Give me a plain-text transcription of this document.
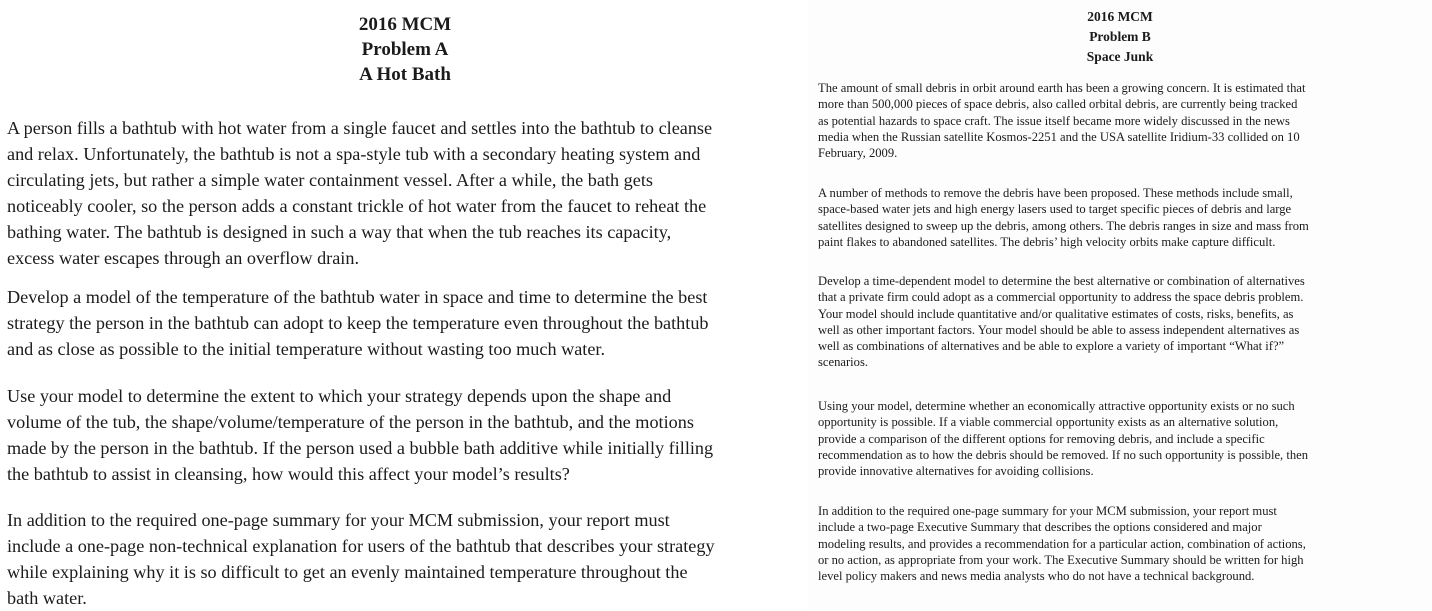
2016 MCM
Problem A
A Hot Bath

A person fills a bathtub with hot water from a single faucet and settles into the bathtub to cleanse
and relax. Unfortunately, the bathtub is not a spa-style tub with a secondary heating system and
circulating jets, but rather a simple water containment vessel. After a while, the bath gets
noticeably cooler, so the person adds a constant trickle of hot water from the faucet to reheat the
bathing water. The bathtub is designed in such a way that when the tub reaches its capacity,
excess water escapes through an overflow drain.

Develop a model of the temperature of the bathtub water in space and time to determine the best
strategy the person in the bathtub can adopt to keep the temperature even throughout the bathtub
and as close as possible to the initial temperature without wasting too much water.

Use your model to determine the extent to which your strategy depends upon the shape and
volume of the tub, the shape/volume/temperature of the person in the bathtub, and the motions
made by the person in the bathtub. If the person used a bubble bath additive while initially filling
the bathtub to assist in cleansing, how would this affect your model’s results?

In addition to the required one-page summary for your MCM submission, your report must
include a one-page non-technical explanation for users of the bathtub that describes your strategy
while explaining why it is so difficult to get an evenly maintained temperature throughout the
bath water.

2016 MCM
Problem B
Space Junk

The amount of small debris in orbit around earth has been a growing concern. It is estimated that
more than 500,000 pieces of space debris, also called orbital debris, are currently being tracked
as potential hazards to space craft. The issue itself became more widely discussed in the news
media when the Russian satellite Kosmos-2251 and the USA satellite Iridium-33 collided on 10
February, 2009.

A number of methods to remove the debris have been proposed. These methods include small,
space-based water jets and high energy lasers used to target specific pieces of debris and large
satellites designed to sweep up the debris, among others. The debris ranges in size and mass from
paint flakes to abandoned satellites. The debris’ high velocity orbits make capture difficult.

Develop a time-dependent model to determine the best alternative or combination of alternatives
that a private firm could adopt as a commercial opportunity to address the space debris problem.
Your model should include quantitative and/or qualitative estimates of costs, risks, benefits, as
well as other important factors. Your model should be able to assess independent alternatives as
well as combinations of alternatives and be able to explore a variety of important “What if?”
scenarios.

Using your model, determine whether an economically attractive opportunity exists or no such
opportunity is possible. If a viable commercial opportunity exists as an alternative solution,
provide a comparison of the different options for removing debris, and include a specific
recommendation as to how the debris should be removed. If no such opportunity is possible, then
provide innovative alternatives for avoiding collisions.

In addition to the required one-page summary for your MCM submission, your report must
include a two-page Executive Summary that describes the options considered and major
modeling results, and provides a recommendation for a particular action, combination of actions,
or no action, as appropriate from your work. The Executive Summary should be written for high
level policy makers and news media analysts who do not have a technical background.
